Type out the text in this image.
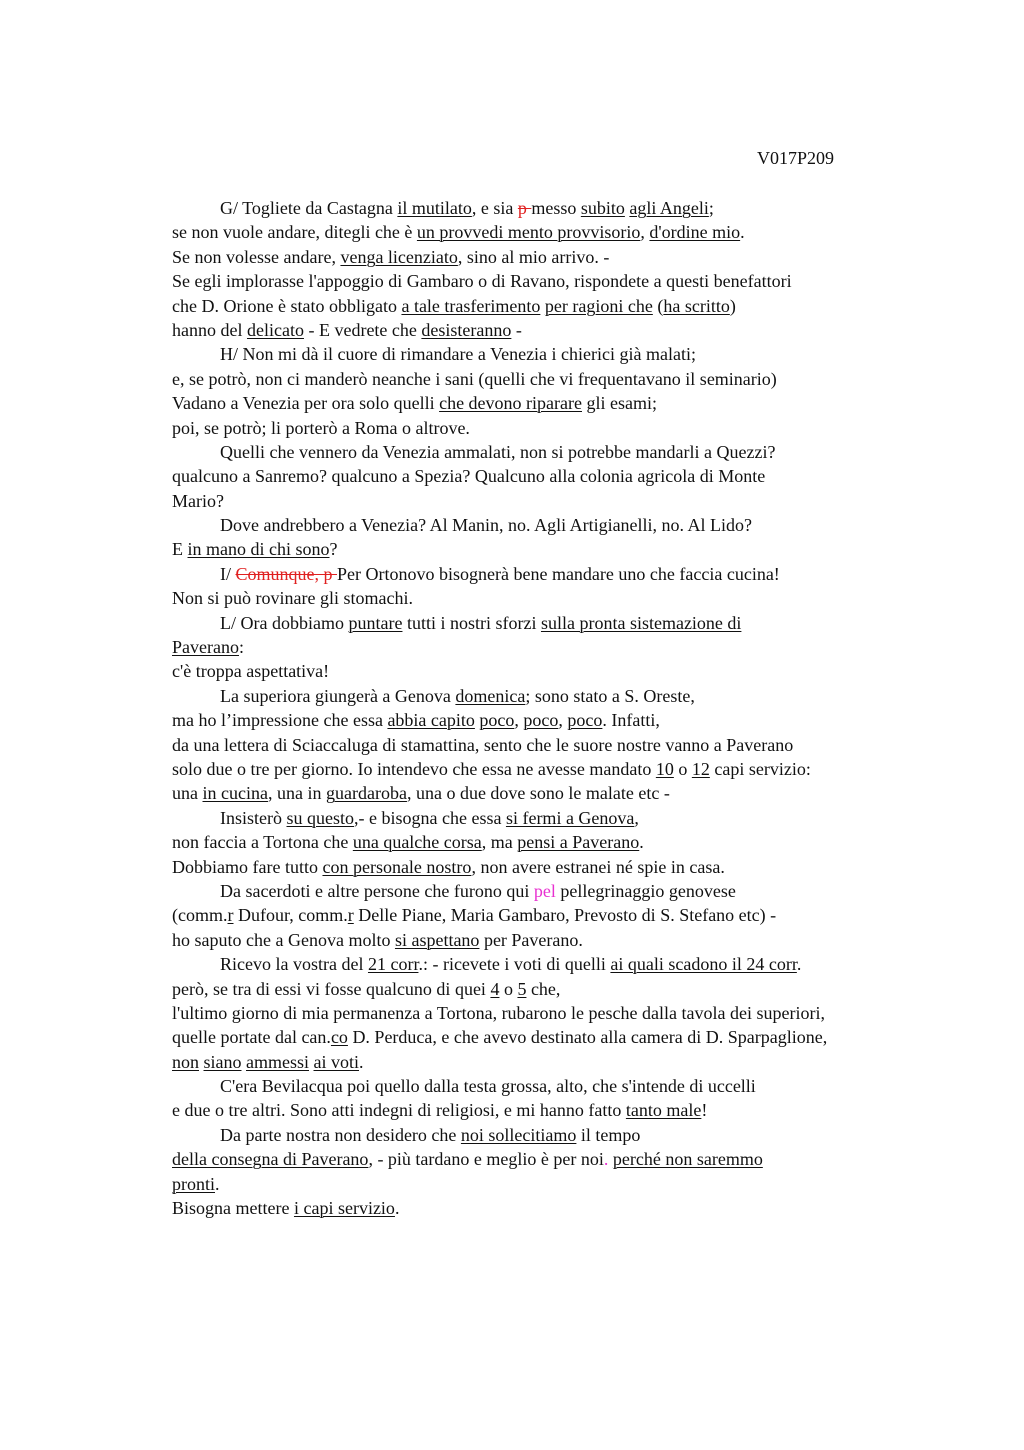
V017P209
G/ Togliete da Castagna il mutilato, e sia p messo subito agli Angeli;
se non vuole andare, ditegli che è un provvedi mento provvisorio, d'ordine mio.
Se non volesse andare, venga licenziato, sino al mio arrivo. -
Se egli implorasse l'appoggio di Gambaro o di Ravano, rispondete a questi benefattori
che D. Orione è stato obbligato a tale trasferimento per ragioni che (ha scritto)
hanno del delicato - E vedrete che desisteranno -
H/ Non mi dà il cuore di rimandare a Venezia i chierici già malati;
e, se potrò, non ci manderò neanche i sani (quelli che vi frequentavano il seminario)
Vadano a Venezia per ora solo quelli che devono riparare gli esami;
poi, se potrò; li porterò a Roma o altrove.
Quelli che vennero da Venezia ammalati, non si potrebbe mandarli a Quezzi?
qualcuno a Sanremo? qualcuno a Spezia? Qualcuno alla colonia agricola di Monte
Mario?
Dove andrebbero a Venezia? Al Manin, no. Agli Artigianelli, no. Al Lido?
E in mano di chi sono?
I/ Comunque, p Per Ortonovo bisognerà bene mandare uno che faccia cucina!
Non si può rovinare gli stomachi.
L/ Ora dobbiamo puntare tutti i nostri sforzi sulla pronta sistemazione di
Paverano:
c'è troppa aspettativa!
La superiora giungerà a Genova domenica; sono stato a S. Oreste,
ma ho l’impressione che essa abbia capito poco, poco, poco. Infatti,
da una lettera di Sciaccaluga di stamattina, sento che le suore nostre vanno a Paverano
solo due o tre per giorno. Io intendevo che essa ne avesse mandato 10 o 12 capi servizio:
una in cucina, una in guardaroba, una o due dove sono le malate etc -
Insisterò su questo,- e bisogna che essa si fermi a Genova,
non faccia a Tortona che una qualche corsa, ma pensi a Paverano.
Dobbiamo fare tutto con personale nostro, non avere estranei né spie in casa.
Da sacerdoti e altre persone che furono qui pel pellegrinaggio genovese
(comm.r Dufour, comm.r Delle Piane, Maria Gambaro, Prevosto di S. Stefano etc) -
ho saputo che a Genova molto si aspettano per Paverano.
Ricevo la vostra del 21 corr.: - ricevete i voti di quelli ai quali scadono il 24 corr.
però, se tra di essi vi fosse qualcuno di quei 4 o 5 che,
l'ultimo giorno di mia permanenza a Tortona, rubarono le pesche dalla tavola dei superiori,
quelle portate dal can.co D. Perduca, e che avevo destinato alla camera di D. Sparpaglione,
non siano ammessi ai voti.
C'era Bevilacqua poi quello dalla testa grossa, alto, che s'intende di uccelli
e due o tre altri. Sono atti indegni di religiosi, e mi hanno fatto tanto male!
Da parte nostra non desidero che noi sollecitiamo il tempo
della consegna di Paverano, - più tardano e meglio è per noi. perché non saremmo
pronti.
Bisogna mettere i capi servizio.
